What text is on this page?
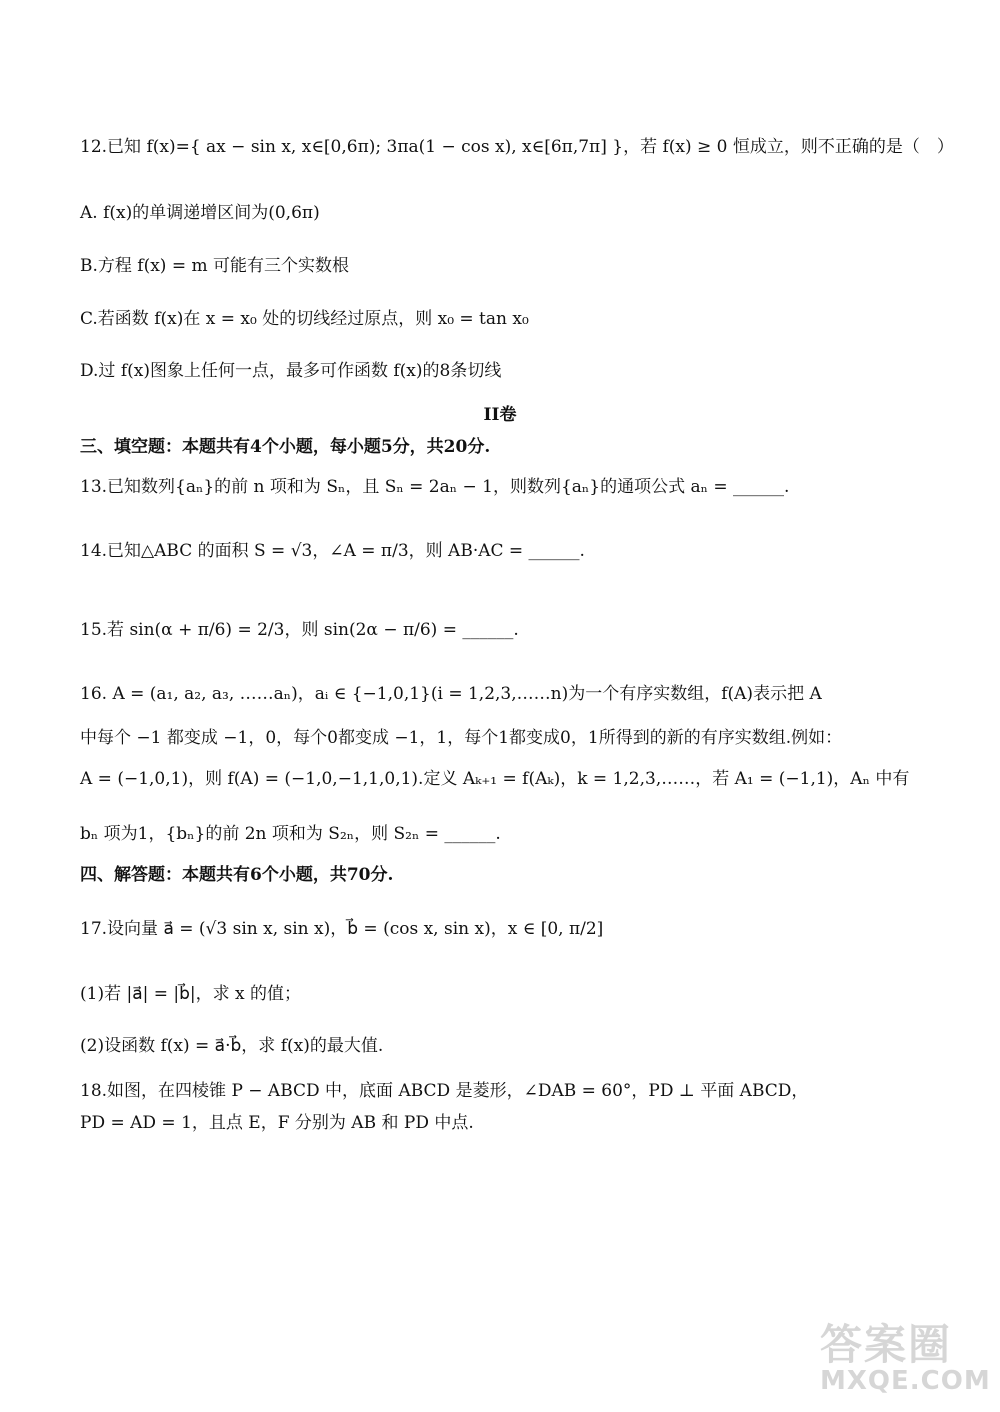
12.已知 f(x)={ ax − sin x, x∈[0,6π); 3πa(1 − cos x), x∈[6π,7π] }，若 f(x) ≥ 0 恒成立，则不正确的是（　）
A. f(x)的单调递增区间为(0,6π)
B.方程 f(x) = m 可能有三个实数根
C.若函数 f(x)在 x = x₀ 处的切线经过原点，则 x₀ = tan x₀
D.过 f(x)图象上任何一点，最多可作函数 f(x)的8条切线
II卷
三、填空题：本题共有4个小题，每小题5分，共20分.
13.已知数列{aₙ}的前 n 项和为 Sₙ，且 Sₙ = 2aₙ − 1，则数列{aₙ}的通项公式 aₙ = ______.
14.已知△ABC 的面积 S = √3，∠A = π/3，则 AB·AC = ______.
15.若 sin(α + π/6) = 2/3，则 sin(2α − π/6) = ______.
16. A = (a₁, a₂, a₃, ……aₙ)，aᵢ ∈ {−1,0,1}(i = 1,2,3,……n)为一个有序实数组，f(A)表示把 A
中每个 −1 都变成 −1，0，每个0都变成 −1，1，每个1都变成0，1所得到的新的有序实数组.例如：
A = (−1,0,1)，则 f(A) = (−1,0,−1,1,0,1).定义 Aₖ₊₁ = f(Aₖ)，k = 1,2,3,……，若 A₁ = (−1,1)，Aₙ 中有
bₙ 项为1，{bₙ}的前 2n 项和为 S₂ₙ，则 S₂ₙ = ______.
四、解答题：本题共有6个小题，共70分.
17.设向量 a⃗ = (√3 sin x, sin x)，b⃗ = (cos x, sin x)，x ∈ [0, π/2]
(1)若 |a⃗| = |b⃗|，求 x 的值；
(2)设函数 f(x) = a⃗·b⃗，求 f(x)的最大值.
18.如图，在四棱锥 P − ABCD 中，底面 ABCD 是菱形，∠DAB = 60°，PD ⊥ 平面 ABCD，
PD = AD = 1，且点 E，F 分别为 AB 和 PD 中点.
答案圈
MXQE.COM
